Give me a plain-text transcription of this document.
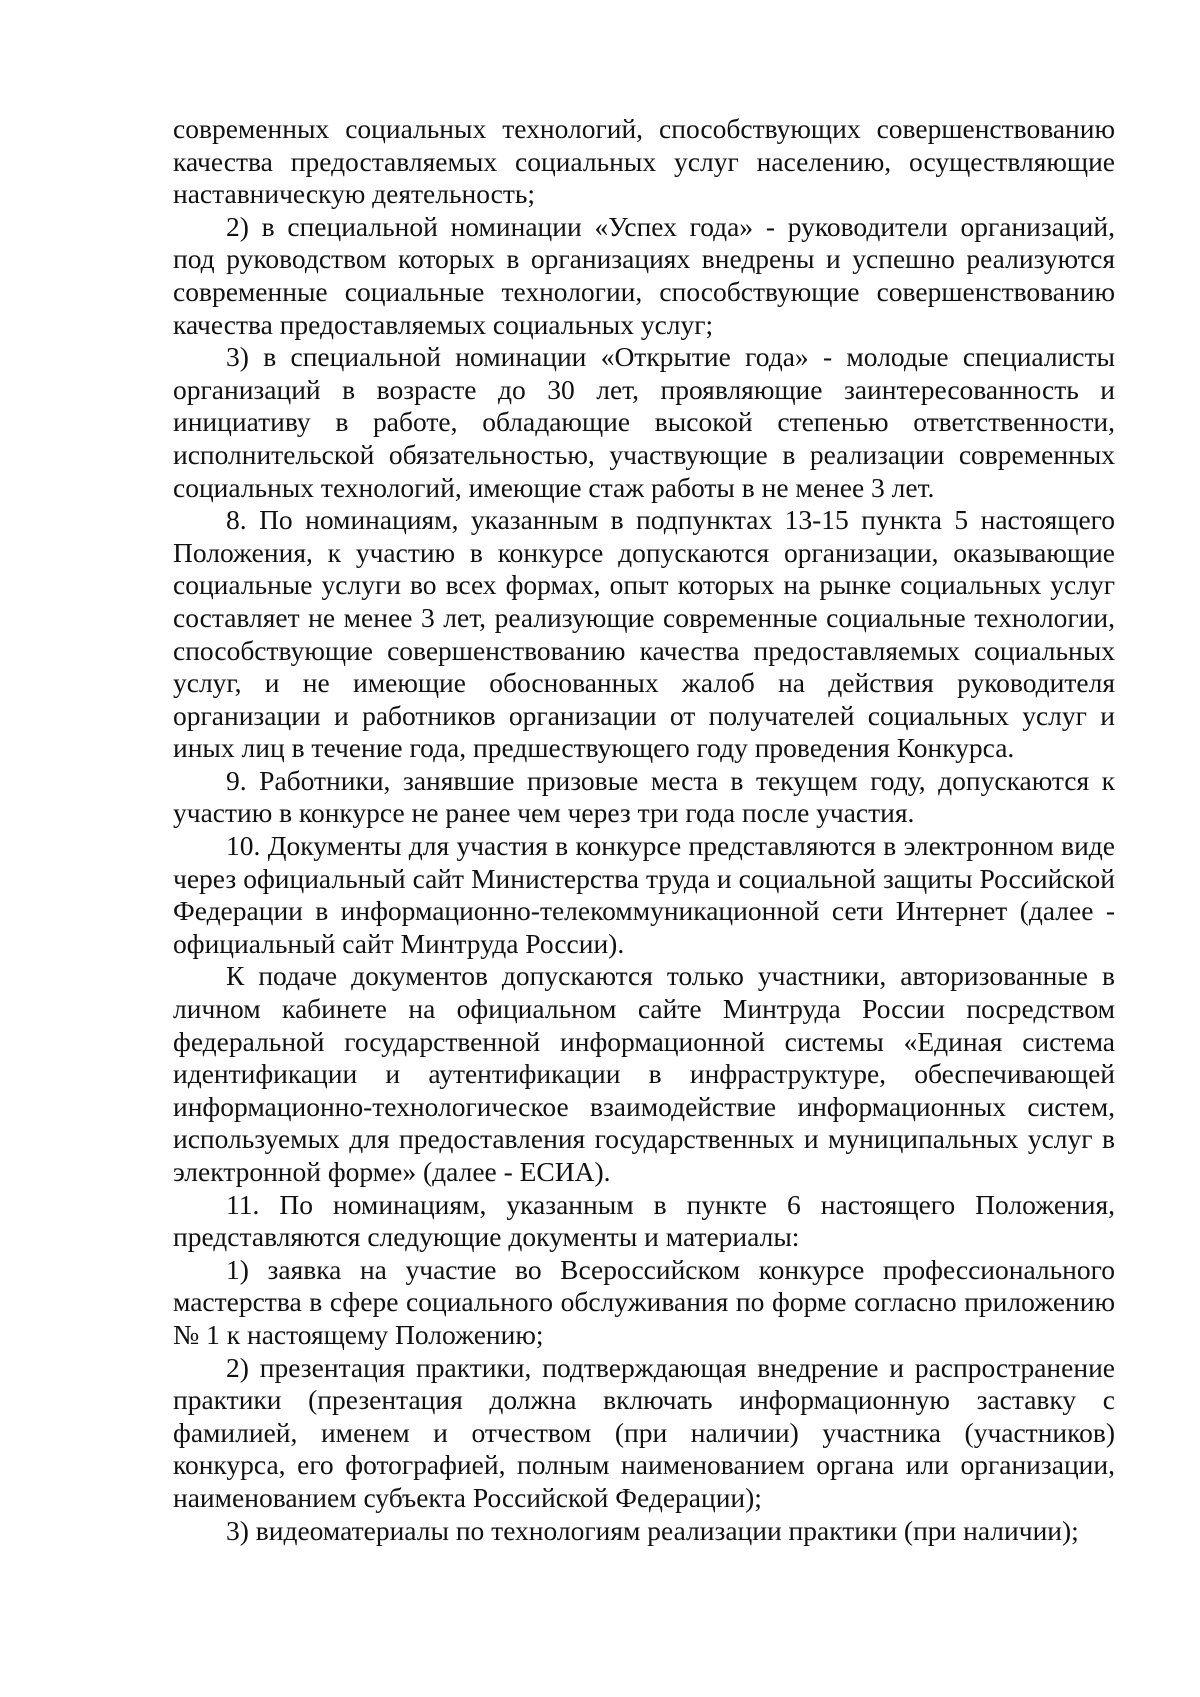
современных социальных технологий, способствующих совершенствованию качества предоставляемых социальных услуг населению, осуществляющие наставническую деятельность;

2) в специальной номинации «Успех года» - руководители организаций, под руководством которых в организациях внедрены и успешно реализуются современные социальные технологии, способствующие совершенствованию качества предоставляемых социальных услуг;

3) в специальной номинации «Открытие года» - молодые специалисты организаций в возрасте до 30 лет, проявляющие заинтересованность и инициативу в работе, обладающие высокой степенью ответственности, исполнительской обязательностью, участвующие в реализации современных социальных технологий, имеющие стаж работы в не менее 3 лет.

8. По номинациям, указанным в подпунктах 13-15 пункта 5 настоящего Положения, к участию в конкурсе допускаются организации, оказывающие социальные услуги во всех формах, опыт которых на рынке социальных услуг составляет не менее 3 лет, реализующие современные социальные технологии, способствующие совершенствованию качества предоставляемых социальных услуг, и не имеющие обоснованных жалоб на действия руководителя организации и работников организации от получателей социальных услуг и иных лиц в течение года, предшествующего году проведения Конкурса.

9. Работники, занявшие призовые места в текущем году, допускаются к участию в конкурсе не ранее чем через три года после участия.

10. Документы для участия в конкурсе представляются в электронном виде через официальный сайт Министерства труда и социальной защиты Российской Федерации в информационно-телекоммуникационной сети Интернет (далее - официальный сайт Минтруда России).

К подаче документов допускаются только участники, авторизованные в личном кабинете на официальном сайте Минтруда России посредством федеральной государственной информационной системы «Единая система идентификации и аутентификации в инфраструктуре, обеспечивающей информационно-технологическое взаимодействие информационных систем, используемых для предоставления государственных и муниципальных услуг в электронной форме» (далее - ЕСИА).

11. По номинациям, указанным в пункте 6 настоящего Положения, представляются следующие документы и материалы:

1) заявка на участие во Всероссийском конкурсе профессионального мастерства в сфере социального обслуживания по форме согласно приложению № 1 к настоящему Положению;

2) презентация практики, подтверждающая внедрение и распространение практики (презентация должна включать информационную заставку с фамилией, именем и отчеством (при наличии) участника (участников) конкурса, его фотографией, полным наименованием органа или организации, наименованием субъекта Российской Федерации);

3) видеоматериалы по технологиям реализации практики (при наличии);
